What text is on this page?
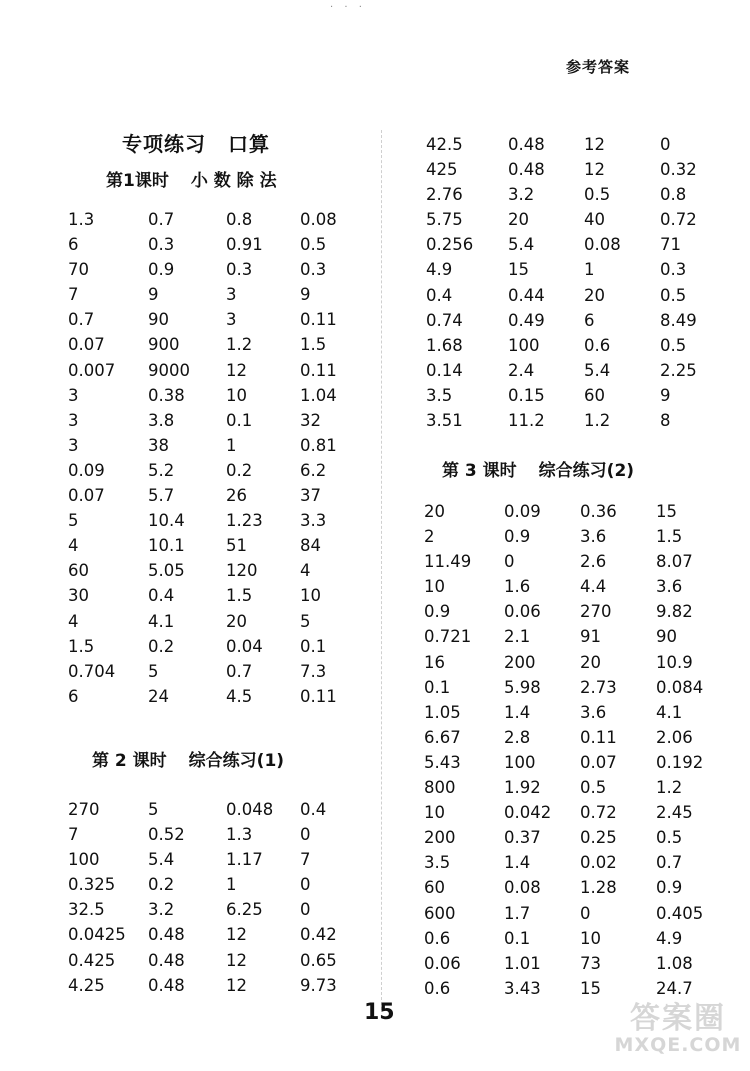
· · ·
参考答案
专项练习 口算
第1课时 小 数 除 法
1.3	0.7	0.8	0.08
6	0.3	0.91 0.5
70	0.9	0.3	0.3
7	9	3	9
0.7	90	3	0.11
0.07	900	1.2	1.5
0.007 9000 12	0.11
3	0.38	10	1.04
3	3.8	0.1	32
3	38	1	0.81
0.09	5.2	0.2	6.2
0.07	5.7	26	37
5	10.4	1.23 3.3
4	10.1	51	84
60	5.05	120	4
30	0.4	1.5	10
4	4.1	20	5
1.5	0.2	0.04 0.1
0.704 5	0.7	7.3
6	24	4.5	0.11
第 2 课时 综合练习(1)
270	5	0.048 0.4
7	0.52	1.3	0
100	5.4	1.17 7
0.325 0.2	1	0
32.5	3.2	6.25 0
0.0425 0.48	12	0.42
0.425 0.48	12	0.65
4.25	0.48	12	9.73
42.5	0.48 12	0
425	0.48 12	0.32
2.76	3.2	0.5	0.8
5.75	20	40	0.72
0.256 5.4	0.08 71
4.9	15	1	0.3
0.4	0.44 20	0.5
0.74	0.49 6	8.49
1.68	100	0.6	0.5
0.14	2.4	5.4	2.25
3.5	0.15 60	9
3.51	11.2 1.2	8
第 3 课时 综合练习(2)
20	0.09 0.36 15
2	0.9	3.6	1.5
11.49 0	2.6	8.07
10	1.6	4.4	3.6
0.9	0.06 270	9.82
0.721 2.1	91	90
16	200	20	10.9
0.1	5.98 2.73 0.084
1.05	1.4	3.6	4.1
6.67	2.8	0.11 2.06
5.43	100	0.07 0.192
800	1.92 0.5	1.2
10	0.042 0.72 2.45
200	0.37 0.25 0.5
3.5	1.4	0.02 0.7
60	0.08 1.28 0.9
600	1.7	0	0.405
0.6	0.1	10	4.9
0.06	1.01 73	1.08
0.6	3.43 15	24.7
15	答案圈
MXQE.COM
